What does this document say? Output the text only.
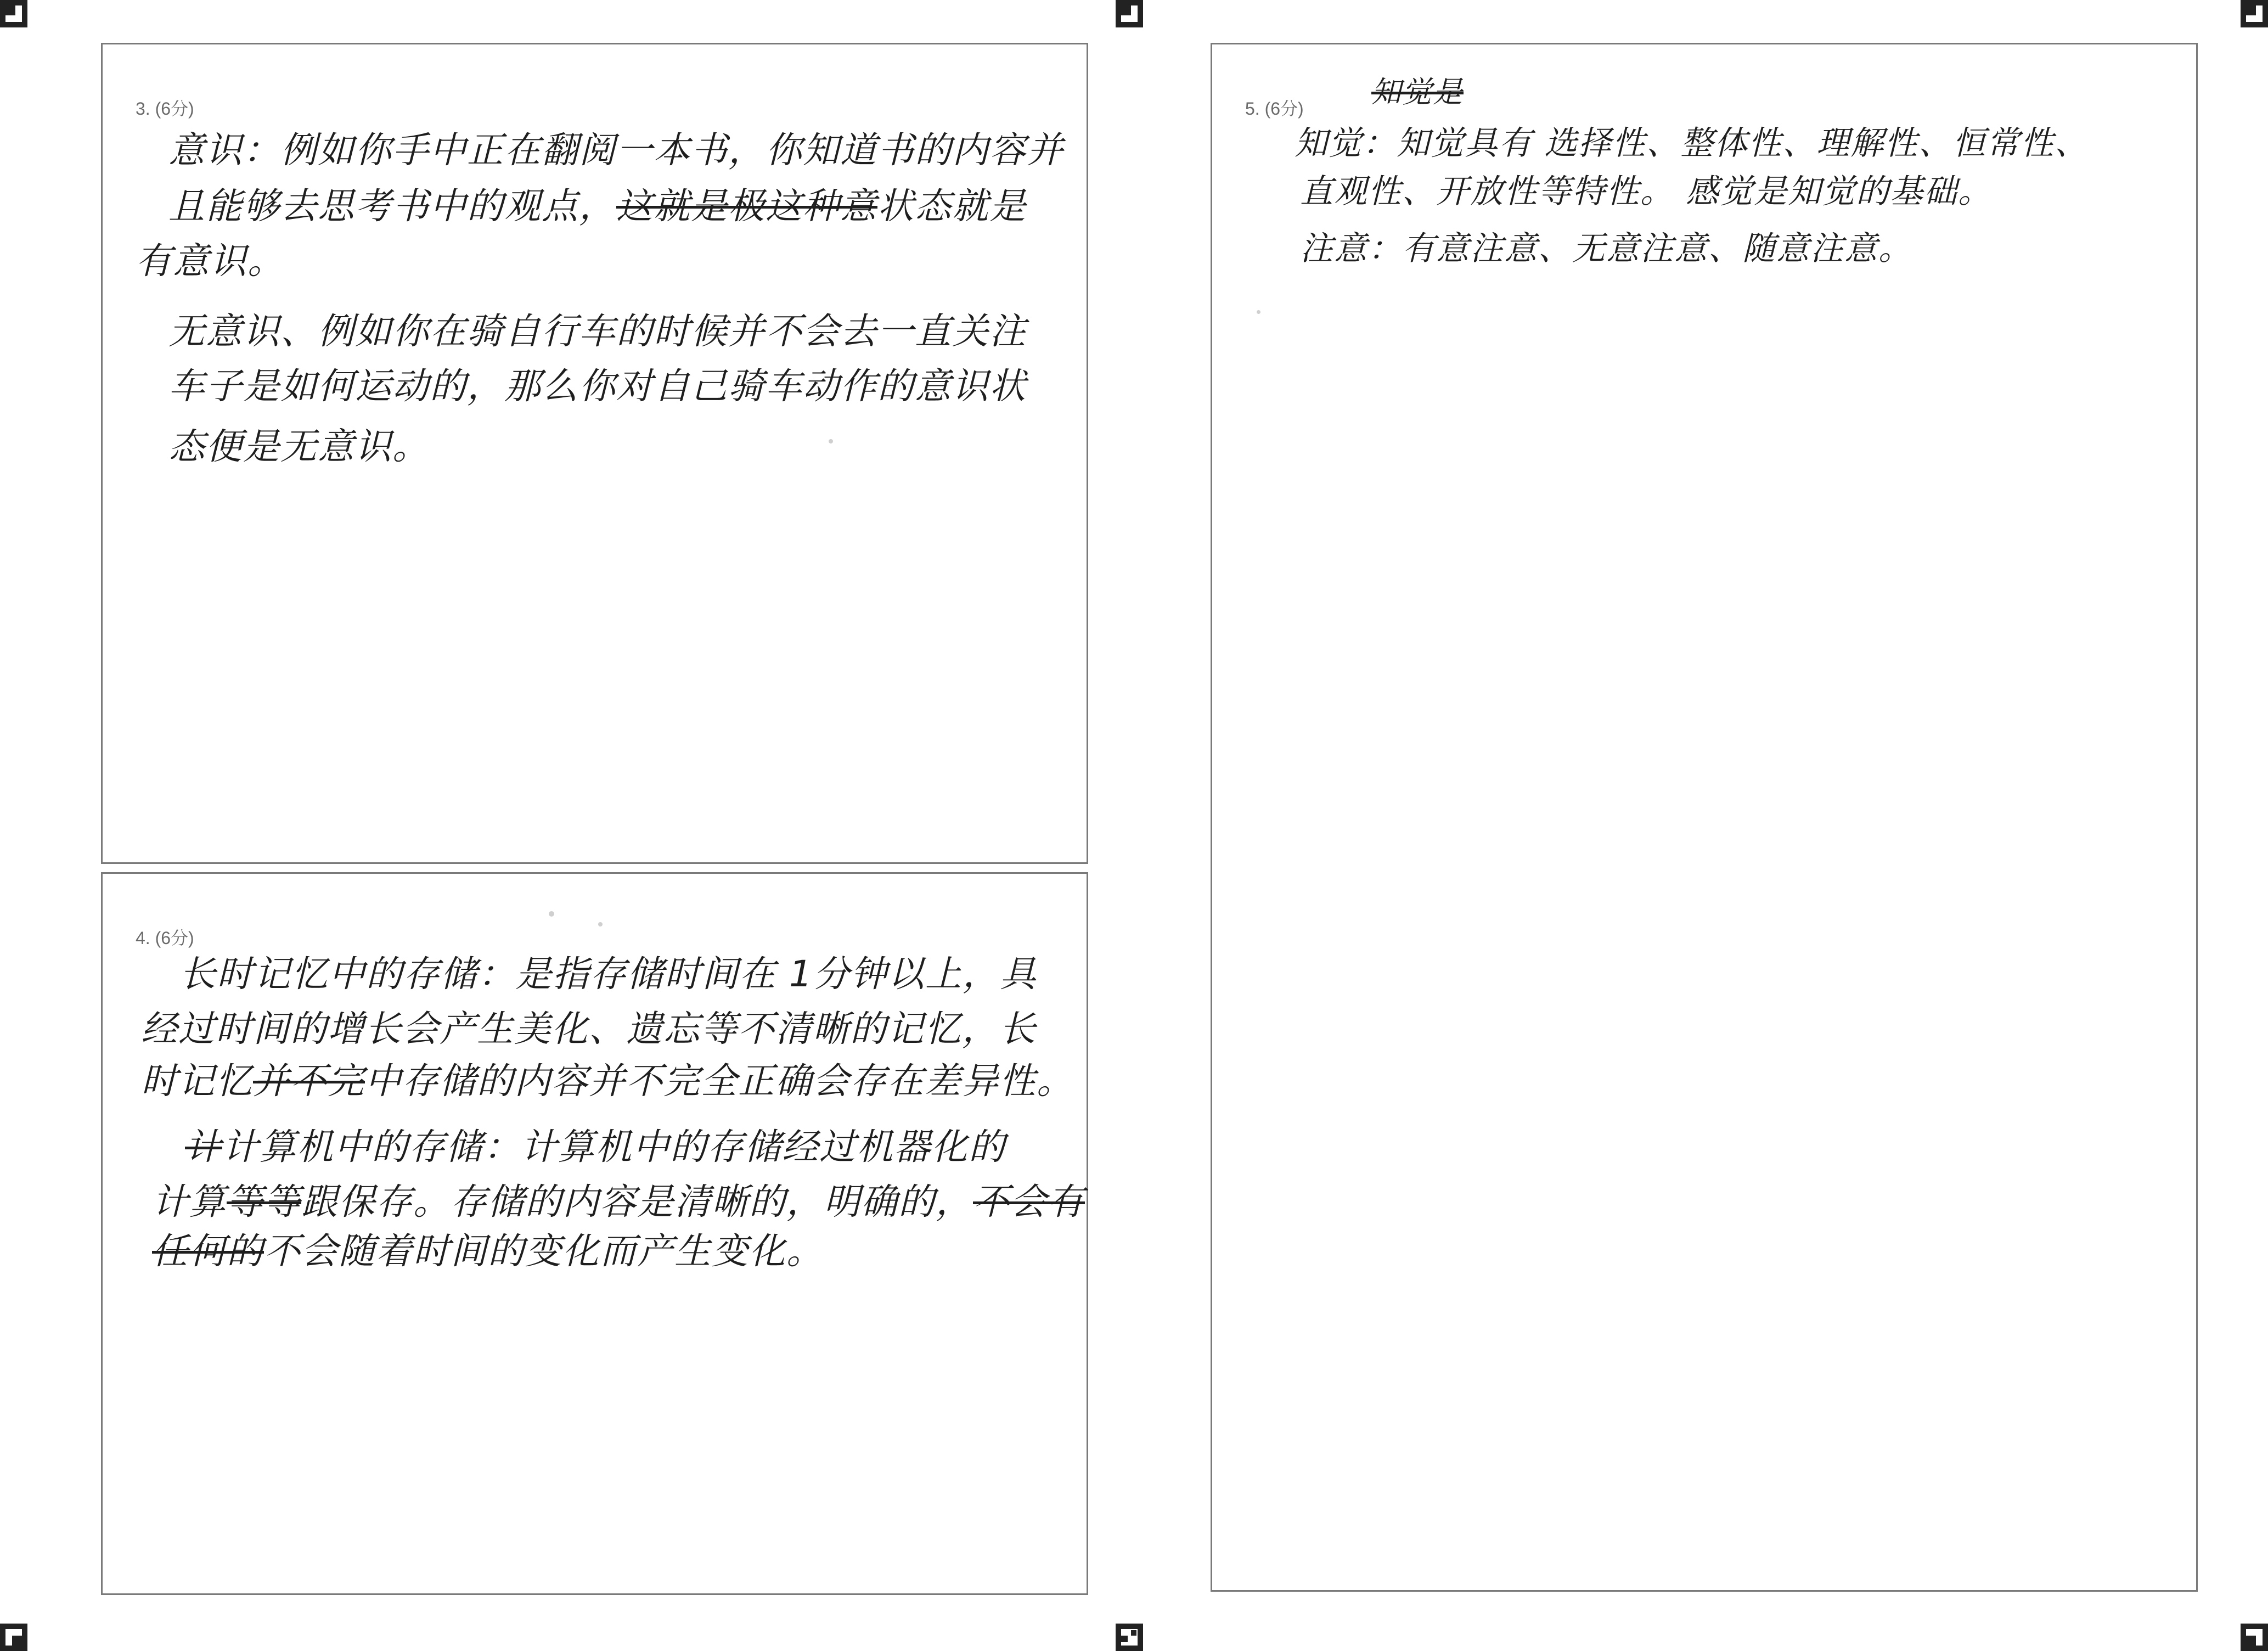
3. (6分)
意识：例如你手中正在翻阅一本书，你知道书的内容并
且能够去思考书中的观点，这就是极这种意状态就是
有意识。
无意识、例如你在骑自行车的时候并不会去一直关注
车子是如何运动的，那么你对自己骑车动作的意识状
态便是无意识。
4. (6分)
长时记忆中的存储：是指存储时间在 1分钟以上，具
经过时间的增长会产生美化、遗忘等不清晰的记忆，长
时记忆并不完中存储的内容并不完全正确会存在差异性。
计计算机中的存储：计算机中的存储经过机器化的
计算等等跟保存。存储的内容是清晰的，明确的，不会有
任何的不会随着时间的变化而产生变化。
5. (6分) 知觉是
知觉：知觉具有 选择性、整体性、理解性、恒常性、
直观性、开放性等特性。 感觉是知觉的基础。
注意：有意注意、无意注意、随意注意。
